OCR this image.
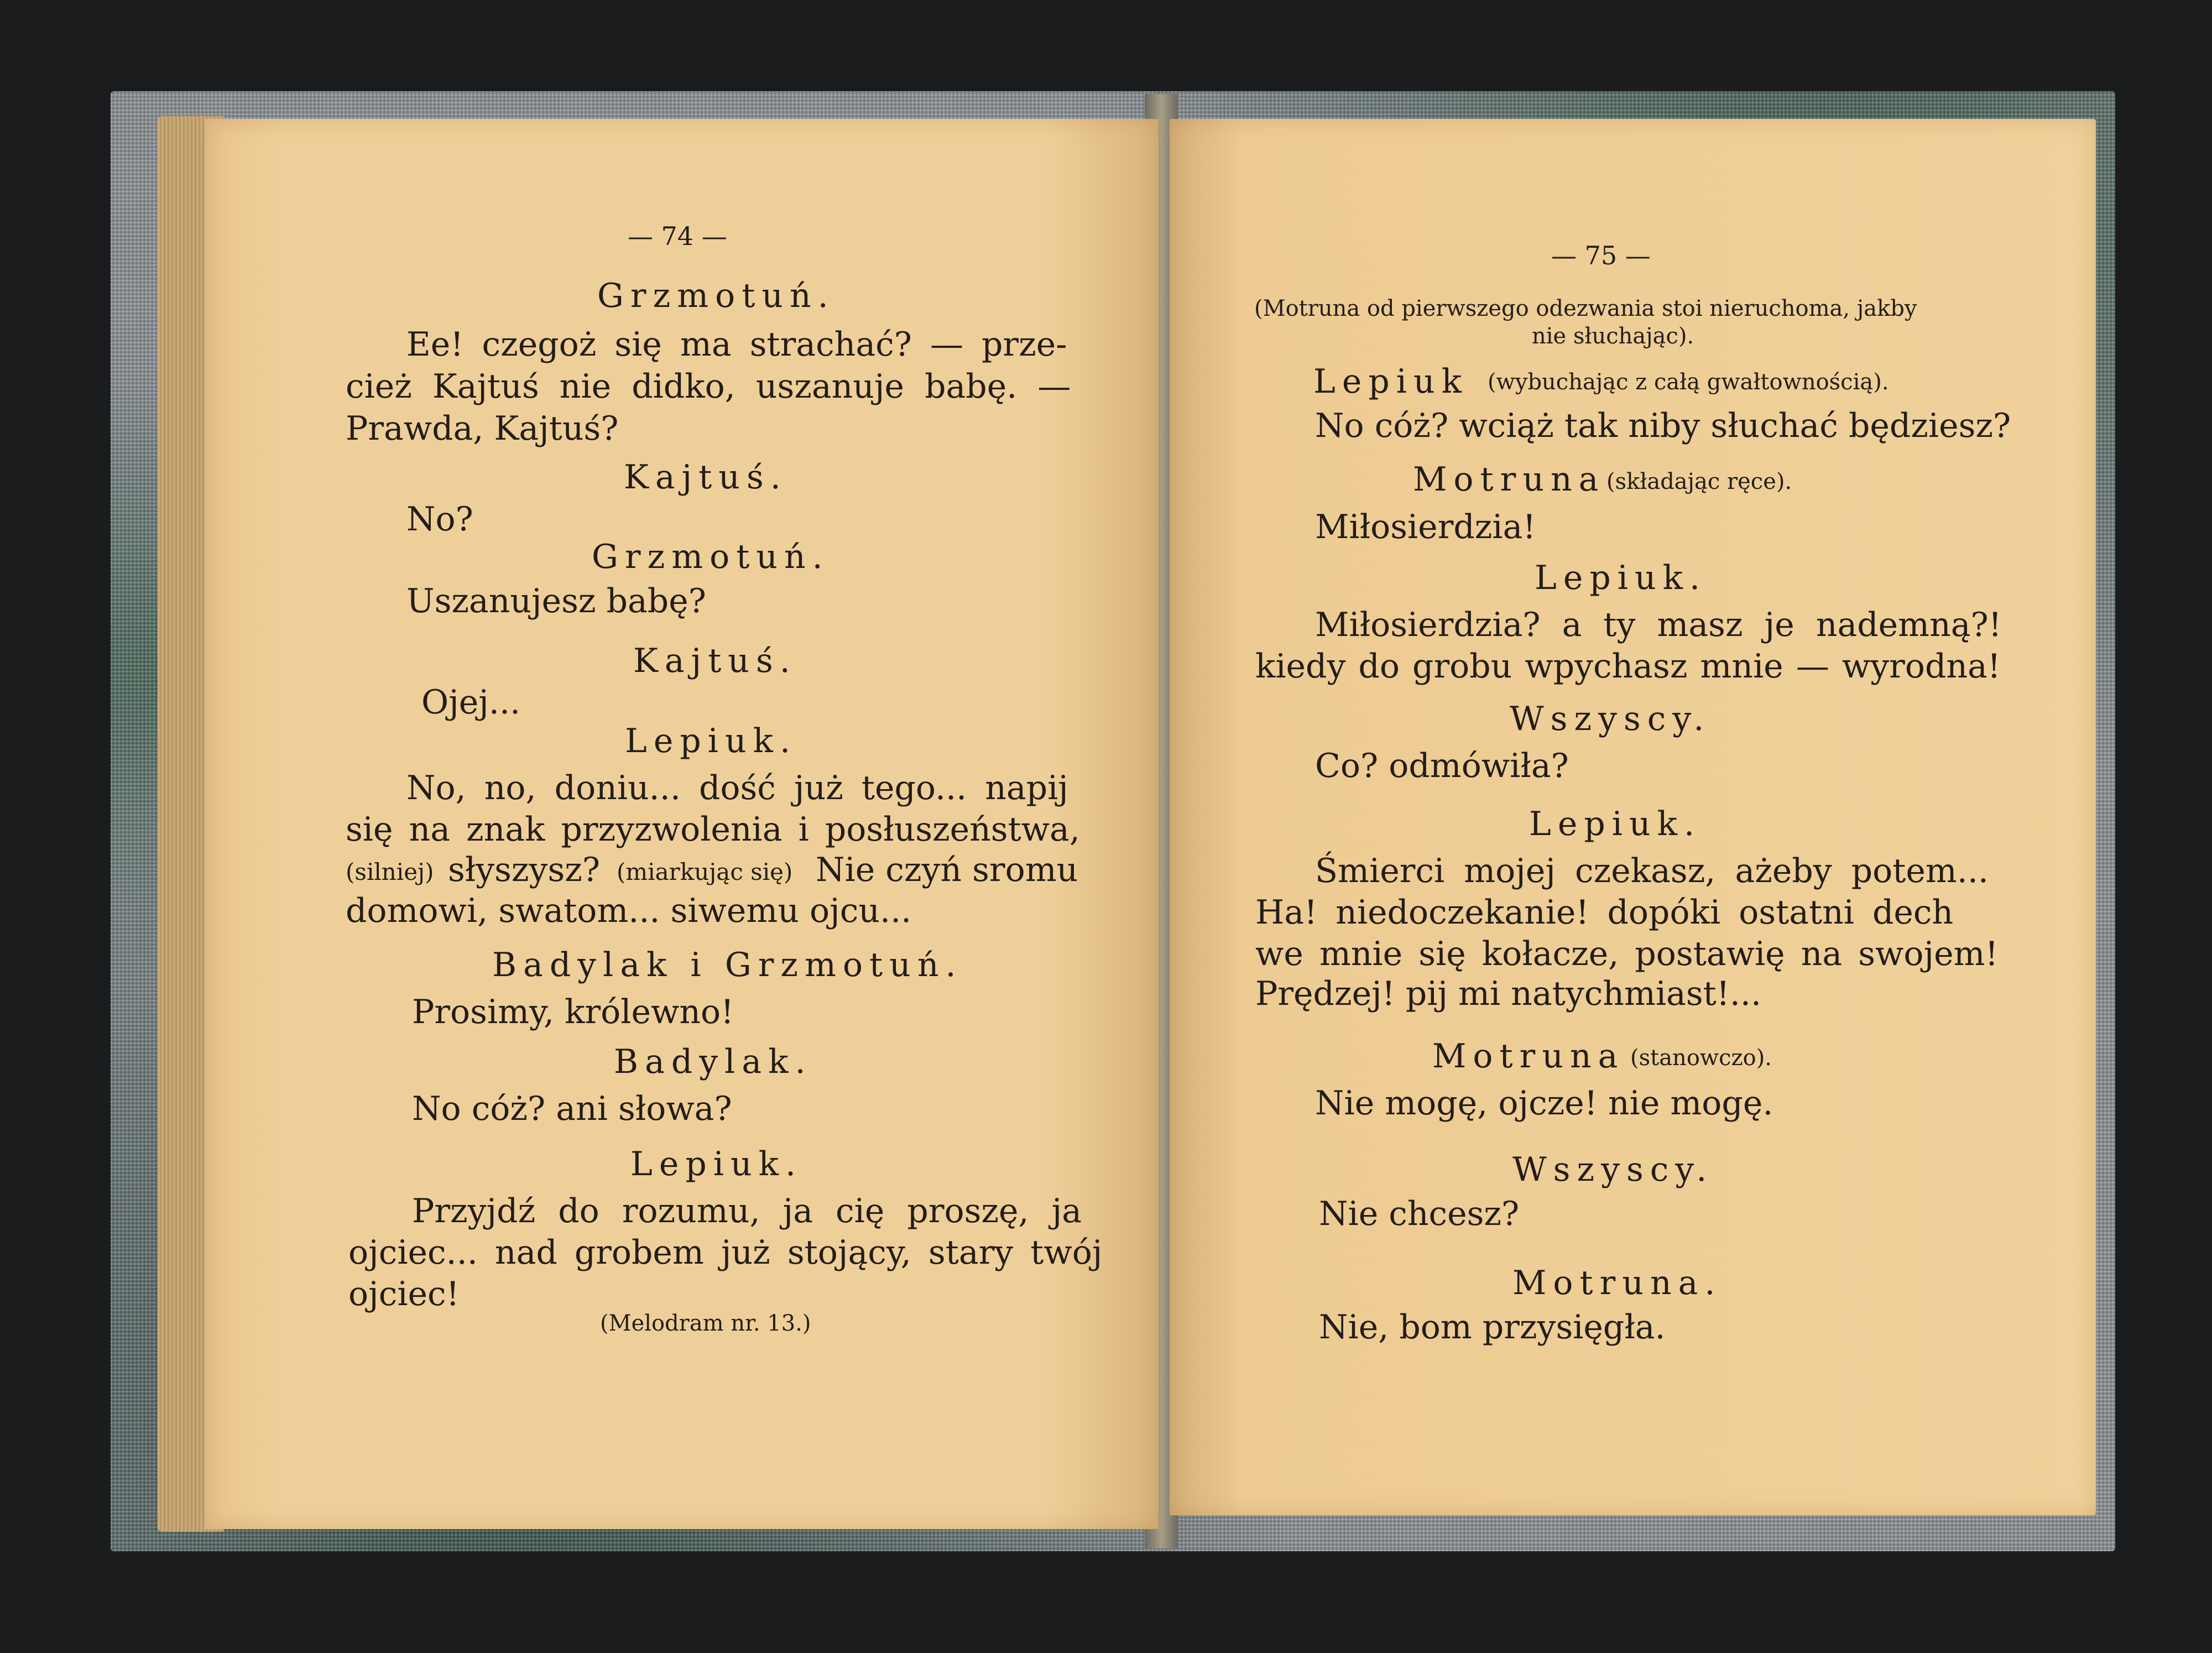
— 74 —
Grzmotuń.
Ee! czegoż się ma strachać? — prze-
cież Kajtuś nie didko, uszanuje babę. —
Prawda, Kajtuś?
Kajtuś.
No?
Grzmotuń.
Uszanujesz babę?
Kajtuś.
Ojej...
Lepiuk.
No, no, doniu... dość już tego... napij
się na znak przyzwolenia i posłuszeństwa,
(silniej) słyszysz? (miarkując się) Nie czyń sromu
domowi, swatom... siwemu ojcu...
Badylak i Grzmotuń.
Prosimy, królewno!
Badylak.
No cóż? ani słowa?
Lepiuk.
Przyjdź do rozumu, ja cię proszę, ja
ojciec... nad grobem już stojący, stary twój
ojciec!
(Melodram nr. 13.)
— 75 —
(Motruna od pierwszego odezwania stoi nieruchoma, jakby
nie słuchając).
Lepiuk (wybuchając z całą gwałtownością).
No cóż? wciąż tak niby słuchać będziesz?
Motruna (składając ręce).
Miłosierdzia!
Lepiuk.
Miłosierdzia? a ty masz je nademną?!
kiedy do grobu wpychasz mnie — wyrodna!
Wszyscy.
Co? odmówiła?
Lepiuk.
Śmierci mojej czekasz, ażeby potem...
Ha! niedoczekanie! dopóki ostatni dech
we mnie się kołacze, postawię na swojem!
Prędzej! pij mi natychmiast!...
Motruna (stanowczo).
Nie mogę, ojcze! nie mogę.
Wszyscy.
Nie chcesz?
Motruna.
Nie, bom przysięgła.
